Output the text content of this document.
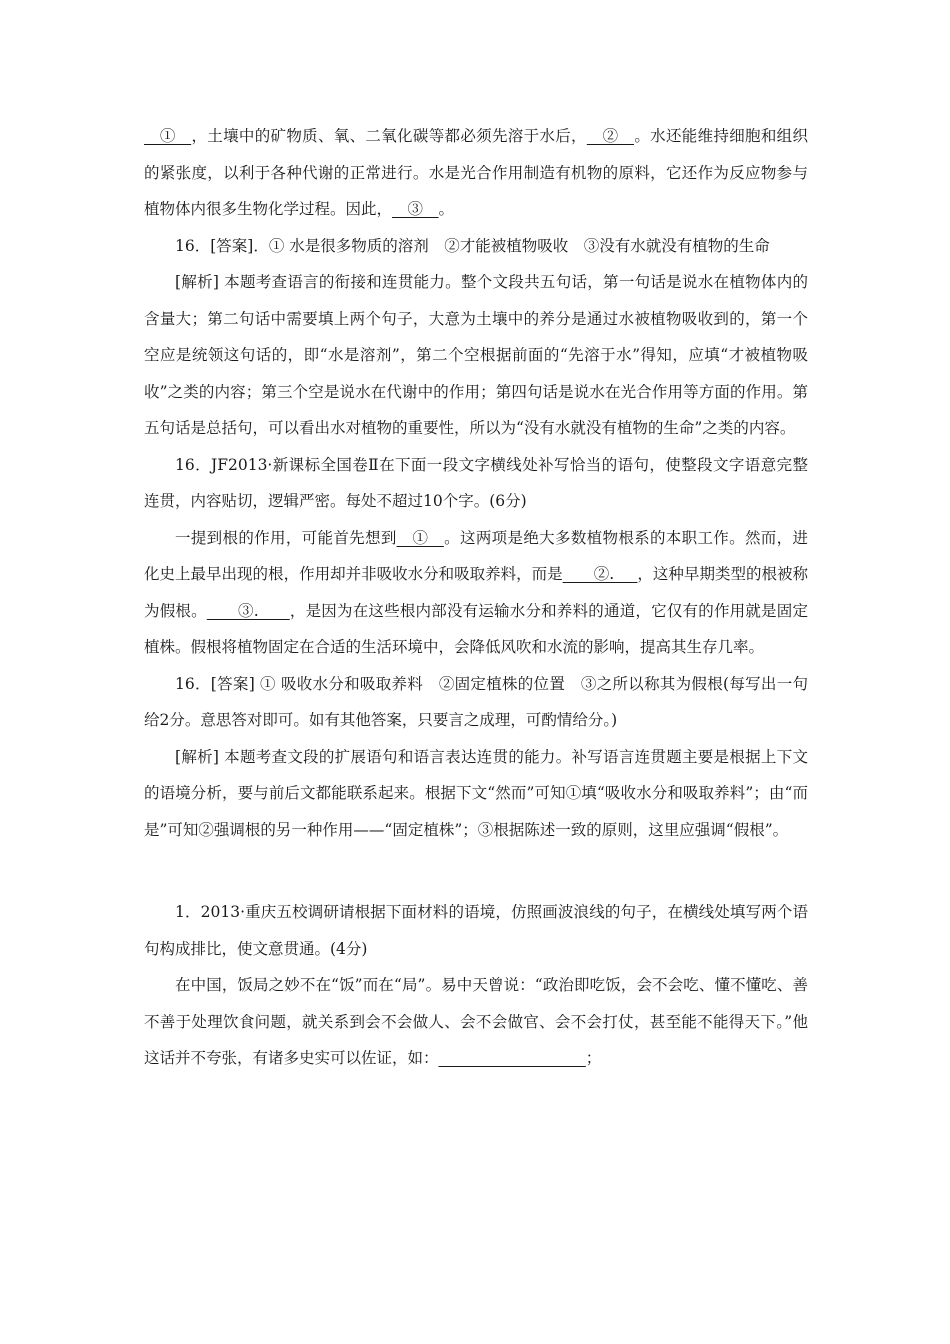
__①__，土壤中的矿物质、氧、二氧化碳等都必须先溶于水后，__②__。水还能维持细胞和组织的紧张度，以利于各种代谢的正常进行。水是光合作用制造有机物的原料，它还作为反应物参与植物体内很多生物化学过程。因此，__③__。

16．[答案]．① 水是很多物质的溶剂　②才能被植物吸收　③没有水就没有植物的生命

[解析] 本题考查语言的衔接和连贯能力。整个文段共五句话，第一句话是说水在植物体内的含量大；第二句话中需要填上两个句子，大意为土壤中的养分是通过水被植物吸收到的，第一个空应是统领这句话的，即“水是溶剂”，第二个空根据前面的“先溶于水”得知，应填“才被植物吸收”之类的内容；第三个空是说水在代谢中的作用；第四句话是说水在光合作用等方面的作用。第五句话是总括句，可以看出水对植物的重要性，所以为“没有水就没有植物的生命”之类的内容。

16．JF2013·新课标全国卷Ⅱ在下面一段文字横线处补写恰当的语句，使整段文字语意完整连贯，内容贴切，逻辑严密。每处不超过10个字。(6分)

一提到根的作用，可能首先想到__①__。这两项是绝大多数植物根系的本职工作。然而，进化史上最早出现的根，作用却并非吸收水分和吸取养料，而是____②.___，这种早期类型的根被称为假根。____③.____，是因为在这些根内部没有运输水分和养料的通道，它仅有的作用就是固定植株。假根将植物固定在合适的生活环境中，会降低风吹和水流的影响，提高其生存几率。

16．[答案] ① 吸收水分和吸取养料　②固定植株的位置　③之所以称其为假根(每写出一句给2分。意思答对即可。如有其他答案，只要言之成理，可酌情给分。)

[解析] 本题考查文段的扩展语句和语言表达连贯的能力。补写语言连贯题主要是根据上下文的语境分析，要与前后文都能联系起来。根据下文“然而”可知①填“吸收水分和吸取养料”；由“而是”可知②强调根的另一种作用——“固定植株”；③根据陈述一致的原则，这里应强调“假根”。

1．2013·重庆五校调研请根据下面材料的语境，仿照画波浪线的句子，在横线处填写两个语句构成排比，使文意贯通。(4分)

在中国，饭局之妙不在“饭”而在“局”。易中天曾说：“政治即吃饭，会不会吃、懂不懂吃、善不善于处理饮食问题，就关系到会不会做人、会不会做官、会不会打仗，甚至能不能得天下。”他这话并不夸张，有诸多史实可以佐证，如：___________________；
